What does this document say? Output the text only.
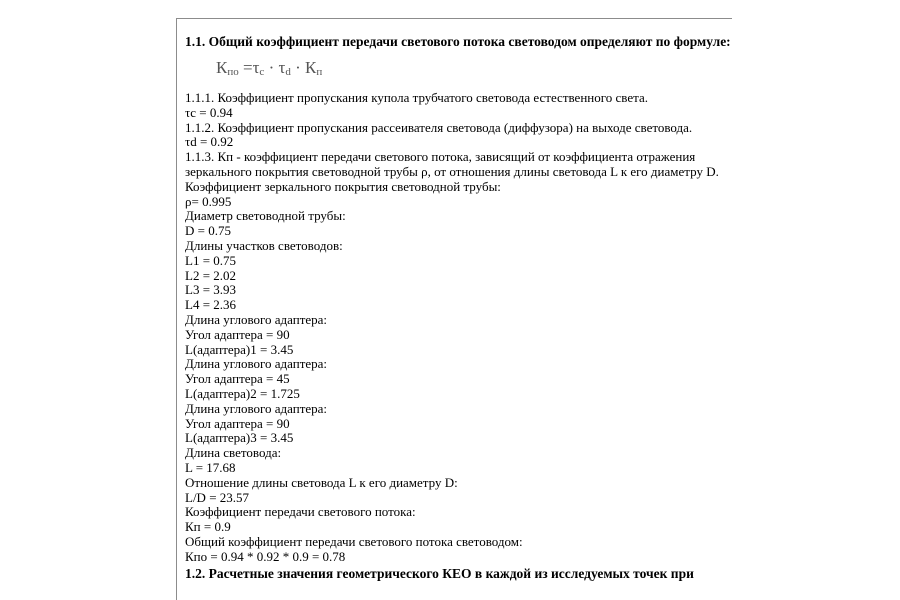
1.1. Общий коэффициент передачи светового потока световодом определяют по формуле:

$К_{по} =\tau_с \cdot \tau_d \cdot К_п$

1.1.1. Коэффициент пропускания купола трубчатого световода естественного света.

τс = 0.94

1.1.2. Коэффициент пропускания рассеивателя световода (диффузора) на выходе световода.

τd = 0.92

1.1.3. Кп - коэффициент передачи светового потока, зависящий от коэффициента отражения

зеркального покрытия световодной трубы ρ, от отношения длины световода L к его диаметру D.

Коэффициент зеркального покрытия световодной трубы:

ρ= 0.995

Диаметр световодной трубы:

D = 0.75

Длины участков световодов:

L1 = 0.75

L2 = 2.02

L3 = 3.93

L4 = 2.36

Длина углового адаптера:

Угол адаптера = 90

L(адаптера)1 = 3.45

Длина углового адаптера:

Угол адаптера = 45

L(адаптера)2 = 1.725

Длина углового адаптера:

Угол адаптера = 90

L(адаптера)3 = 3.45

Длина световода:

L = 17.68

Отношение длины световода L к его диаметру D:

L/D = 23.57

Коэффициент передачи светового потока:

Кп = 0.9

Общий коэффициент передачи светового потока световодом:

Кпо = 0.94 * 0.92 * 0.9 = 0.78

1.2. Расчетные значения геометрического КЕО в каждой из исследуемых точек при
